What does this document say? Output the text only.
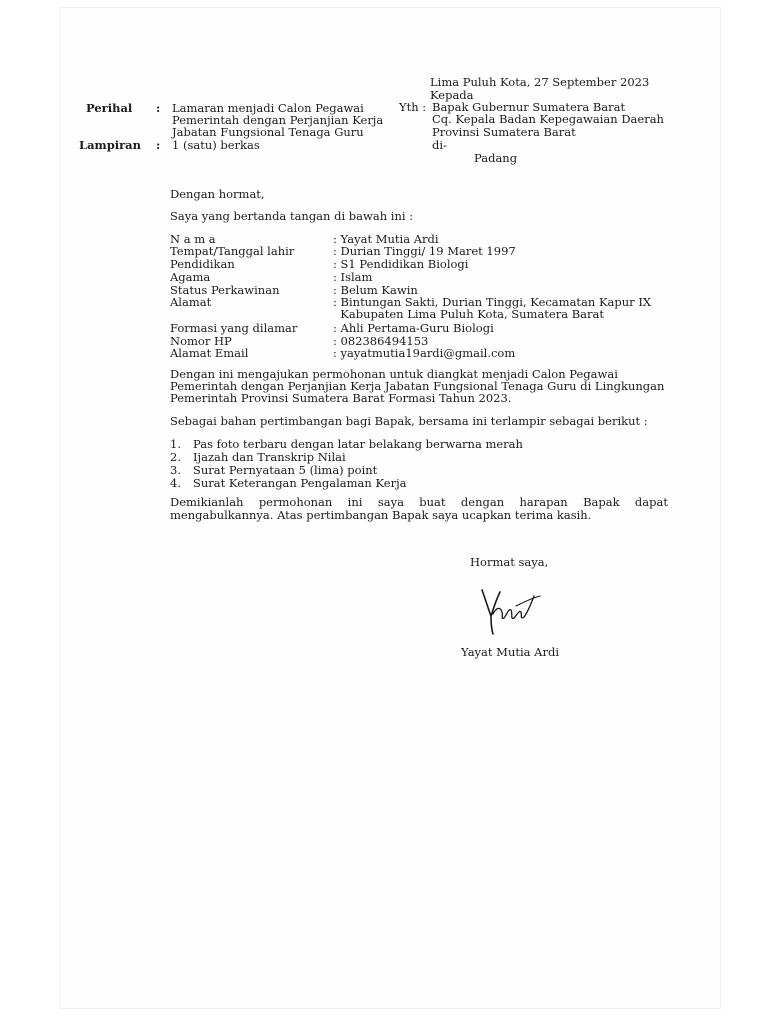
Lima Puluh Kota, 27 September 2023
Kepada
Yth : Bapak Gubernur Sumatera Barat
Cq. Kepala Badan Kepegawaian Daerah
Provinsi Sumatera Barat
di-
Padang
Perihal : Lamaran menjadi Calon Pegawai
Pemerintah dengan Perjanjian Kerja
Jabatan Fungsional Tenaga Guru
Lampiran : 1 (satu) berkas
Dengan hormat,
Saya yang bertanda tangan di bawah ini :
N a m a	: Yayat Mutia Ardi
Tempat/Tanggal lahir	: Durian Tinggi/ 19 Maret 1997
Pendidikan	: S1 Pendidikan Biologi
Agama	: Islam
Status Perkawinan	: Belum Kawin
Alamat	: Bintungan Sakti, Durian Tinggi, Kecamatan Kapur IX
Kabupaten Lima Puluh Kota, Sumatera Barat
Formasi yang dilamar	: Ahli Pertama-Guru Biologi
Nomor HP	: 082386494153
Alamat Email	: yayatmutia19ardi@gmail.com
Dengan ini mengajukan permohonan untuk diangkat menjadi Calon Pegawai
Pemerintah dengan Perjanjian Kerja Jabatan Fungsional Tenaga Guru di Lingkungan
Pemerintah Provinsi Sumatera Barat Formasi Tahun 2023.
Sebagai bahan pertimbangan bagi Bapak, bersama ini terlampir sebagai berikut :
1. Pas foto terbaru dengan latar belakang berwarna merah
2. Ijazah dan Transkrip Nilai
3. Surat Pernyataan 5 (lima) point
4. Surat Keterangan Pengalaman Kerja
Demikianlah permohonan ini saya buat dengan harapan Bapak dapat
mengabulkannya. Atas pertimbangan Bapak saya ucapkan terima kasih.
Hormat saya,
Yayat Mutia Ardi
